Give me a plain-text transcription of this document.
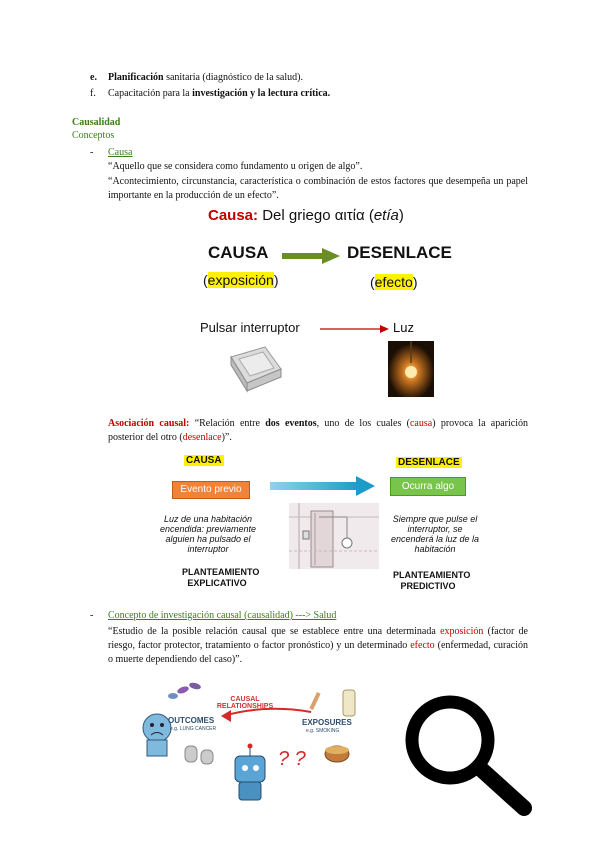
e. Planificación sanitaria (diagnóstico de la salud).
f. Capacitación para la investigación y la lectura crítica.
Causalidad
Conceptos
- Causa
“Aquello que se considera como fundamento u origen de algo”.
“Acontecimiento, circunstancia, característica o combinación de estos factores que desempeña un papel importante en la producción de un efecto”.
Causa: Del griego αιτία (etía)
CAUSA	DESENLACE
(exposición)	(efecto)
Pulsar interruptor	Luz
Asociación causal: “Relación entre dos eventos, uno de los cuales (causa) provoca la aparición posterior del otro (desenlace)”.
CAUSA	DESENLACE
Evento previo	Ocurra algo
Luz de una habitación encendida: previamente alguien ha pulsado el interruptor
Siempre que pulse el interruptor, se encenderá la luz de la habitación
PLANTEAMIENTO EXPLICATIVO
PLANTEAMIENTO PREDICTIVO
- Concepto de investigación causal (causalidad) ---> Salud
“Estudio de la posible relación causal que se establece entre una determinada exposición (factor de riesgo, factor protector, tratamiento o factor pronóstico) y un determinado efecto (enfermedad, curación o muerte dependiendo del caso)”.
CAUSAL
RELATIONSHIPS
OUTCOMES
e.g. LUNG CANCER
EXPOSURES
e.g. SMOKING
? ?
